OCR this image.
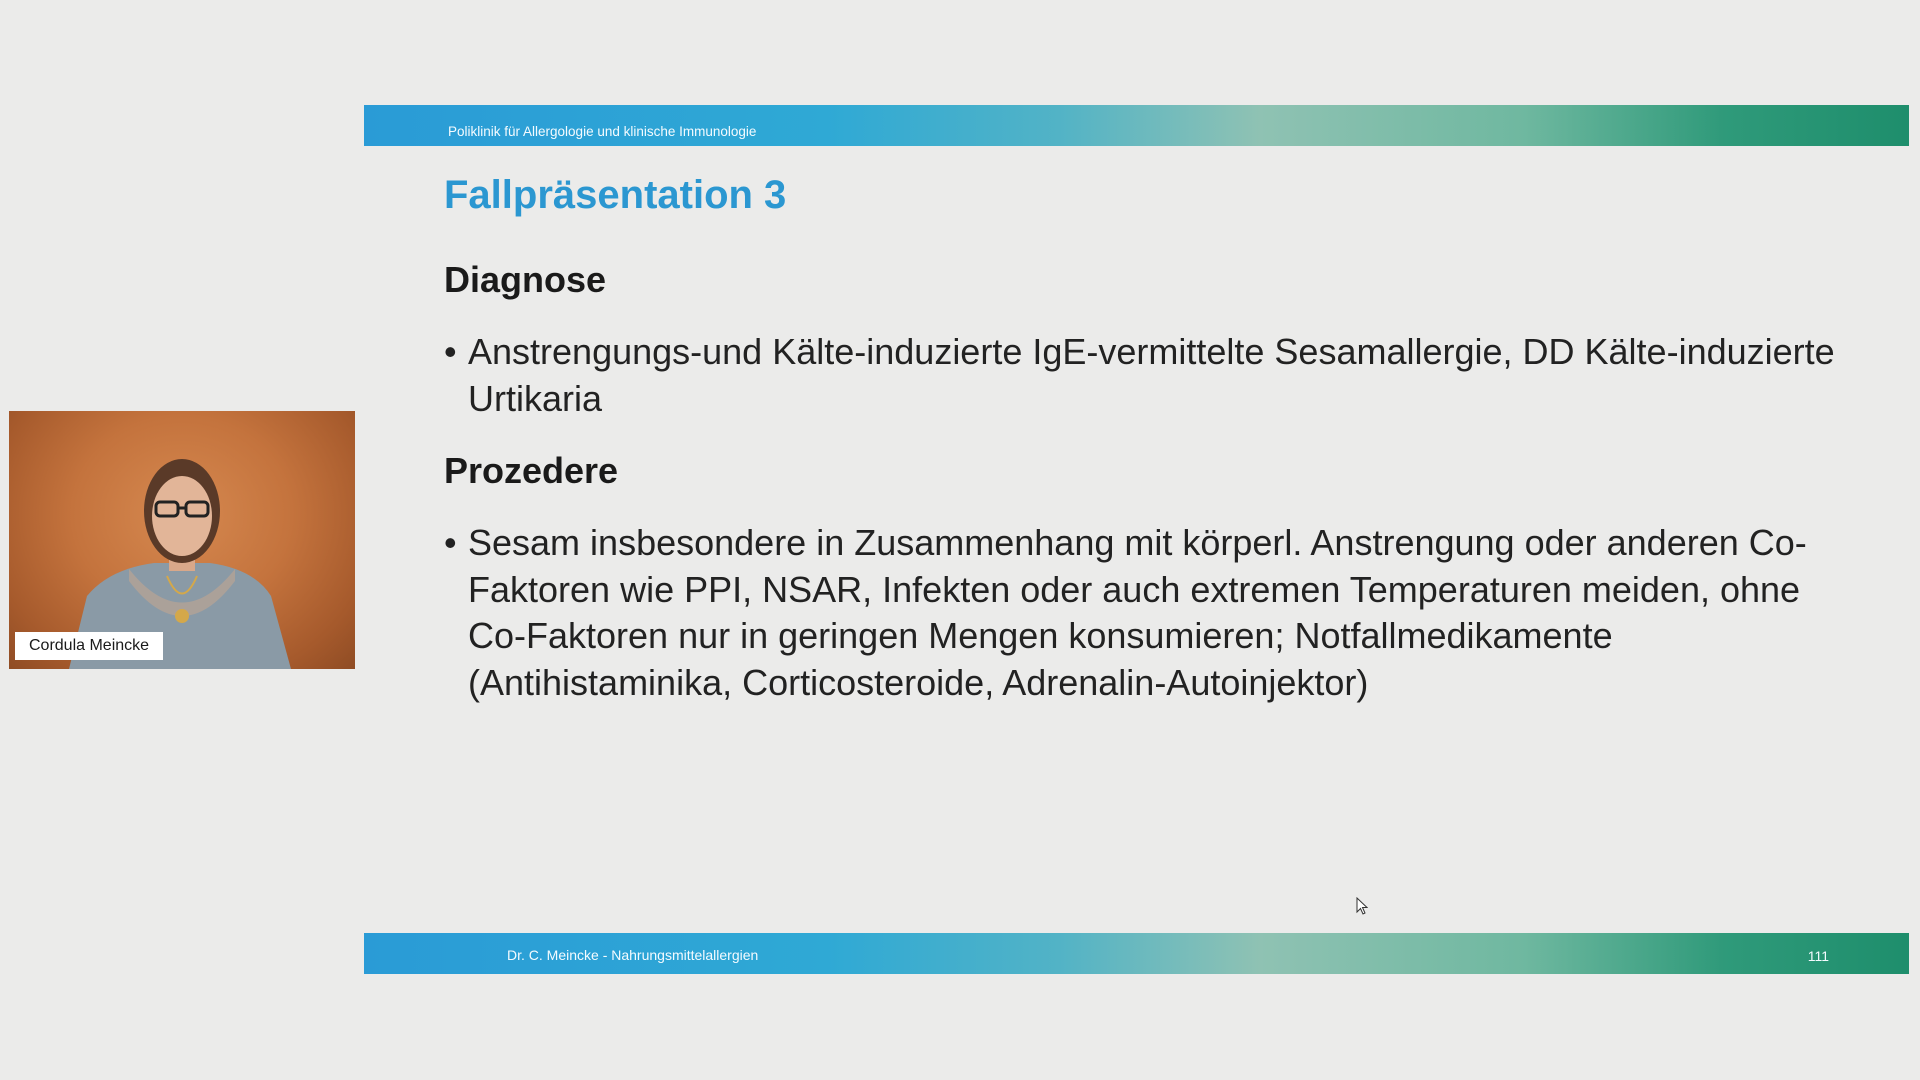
Poliklinik für Allergologie und klinische Immunologie
Fallpräsentation 3
Diagnose
• Anstrengungs-und Kälte-induzierte IgE-vermittelte Sesamallergie, DD Kälte-induzierte Urtikaria
Prozedere
• Sesam insbesondere in Zusammenhang mit körperl. Anstrengung oder anderen Co-Faktoren wie PPI, NSAR, Infekten oder auch extremen Temperaturen meiden, ohne Co-Faktoren nur in geringen Mengen konsumieren; Notfallmedikamente (Antihistaminika, Corticosteroide, Adrenalin-Autoinjektor)
Dr. C. Meincke - Nahrungsmittelallergien	111
Cordula Meincke
